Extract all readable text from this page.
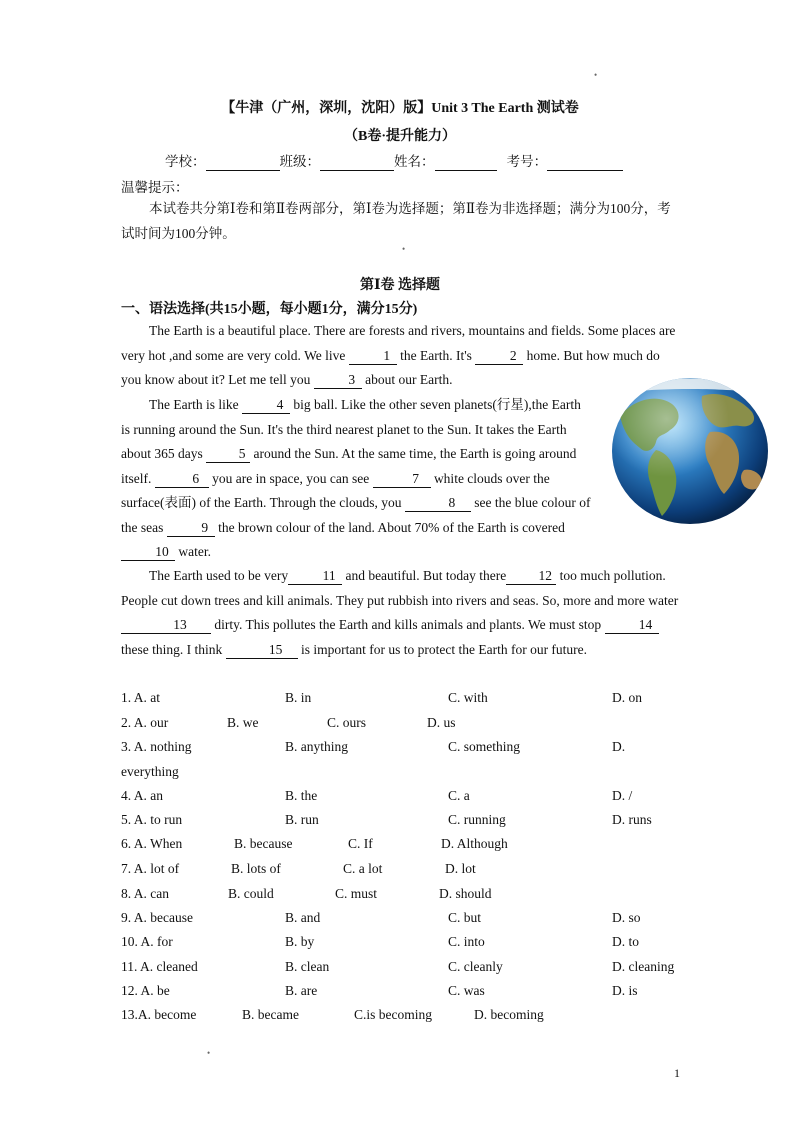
【牛津（广州，深圳，沈阳）版】Unit 3 The Earth 测试卷
（B卷·提升能力）
学校：	班级：	姓名：	考号：
温馨提示：
本试卷共分第Ⅰ卷和第Ⅱ卷两部分，第Ⅰ卷为选择题；第Ⅱ卷为非选择题；满分为100分，考试时间为100分钟。
第Ⅰ卷 选择题
一、语法选择(共15小题，每小题1分，满分15分)
The Earth is a beautiful place. There are forests and rivers, mountains and fields. Some places are very hot ,and some are very cold. We live	1 the Earth. It's	2 home. But how much do you know about it? Let me tell you	3 about our Earth.
The Earth is like	4 big ball. Like the other seven planets(行星),the Earth is running around the Sun. It's the third nearest planet to the Sun. It takes the Earth about 365 days 5 around the Sun. At the same time, the Earth is going around itself.	6 you are in space, you can see	7 white clouds over the surface(表面) of the Earth. Through the clouds, you	8 see the blue colour of the seas	9 the brown colour of the land. About 70% of the Earth is covered10 water.
The Earth used to be very	11 and beautiful. But today there 12 too much pollution. People cut down trees and kill animals. They put rubbish into rivers and seas. So, more and more water 13 dirty. This pollutes the Earth and kills animals and plants. We must stop	14 these thing. I think	15 is important for us to protect the Earth for our future.
1. A. at	B. in	C. with	D. on
2. A. our	B. we	C. ours	D. us
3. A. nothing	B. anything	C. something	D.
everything
4. A. an	B. the	C. a	D. /
5. A. to run	B. run	C. running	D. runs
6. A. When	B. because	C. If	D. Although
7. A. lot of	B. lots of	C. a lot	D. lot
8. A. can	B. could	C. must	D. should
9. A. because	B. and	C. but	D. so
10. A. for	B. by	C. into	D. to
11. A. cleaned	B. clean	C. cleanly	D. cleaning
12. A. be	B. are	C. was	D. is
13.A. become	B. became	C.is becoming	D. becoming
•
•
•
1
